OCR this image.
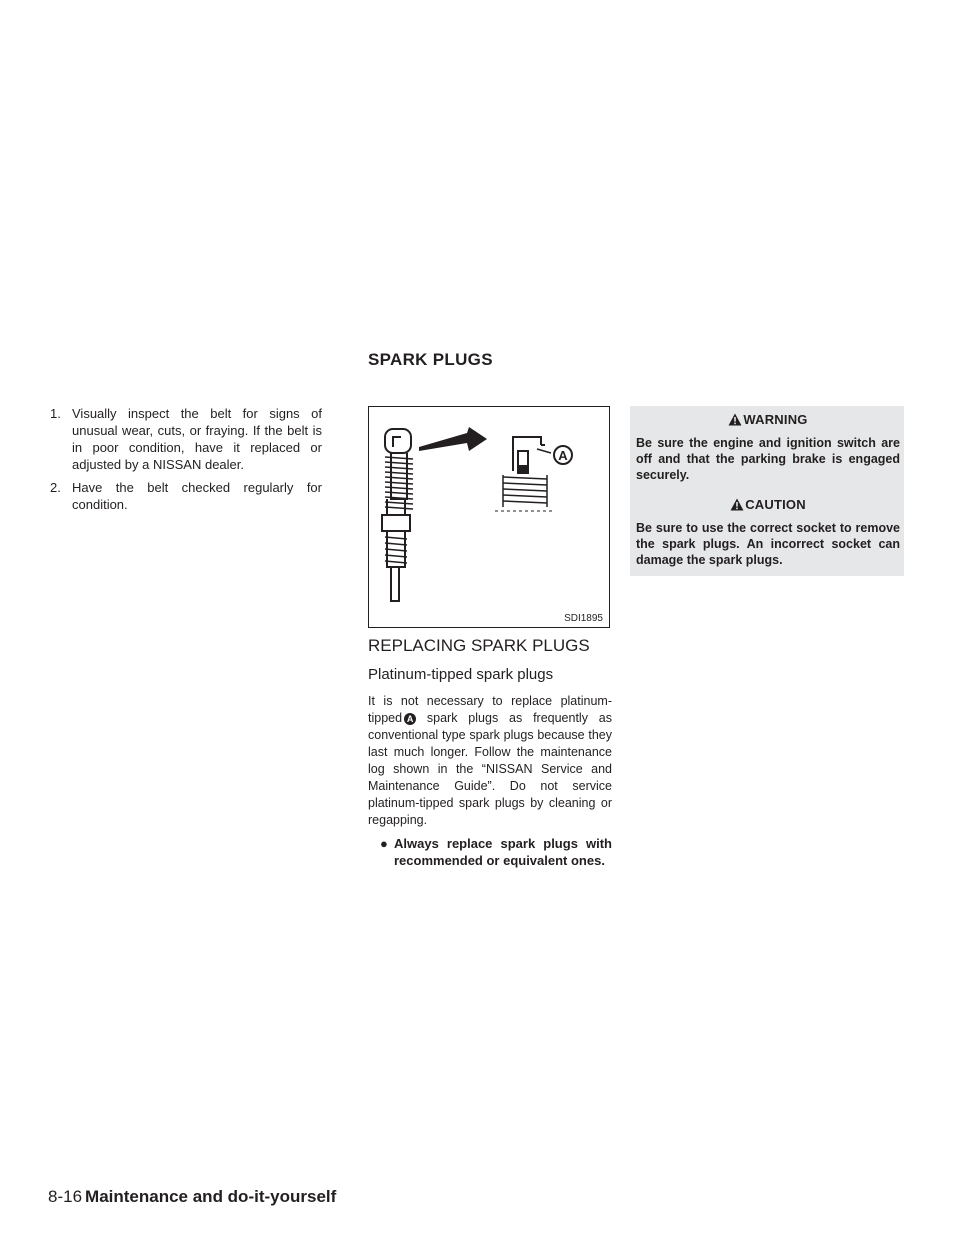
SPARK PLUGS
1. Visually inspect the belt for signs of unusual wear, cuts, or fraying. If the belt is in poor condition, have it replaced or adjusted by a NISSAN dealer.
2. Have the belt checked regularly for condition.
A
SDI1895
REPLACING SPARK PLUGS
Platinum-tipped spark plugs

It is not necessary to replace platinum-tipped A spark plugs as frequently as conventional type spark plugs because they last much longer. Follow the maintenance log shown in the “NISSAN Service and Maintenance Guide”. Do not service platinum-tipped spark plugs by cleaning or regapping.

● Always replace spark plugs with recommended or equivalent ones.
WARNING
Be sure the engine and ignition switch are off and that the parking brake is engaged securely.
CAUTION
Be sure to use the correct socket to remove the spark plugs. An incorrect socket can damage the spark plugs.
8-16 Maintenance and do-it-yourself
